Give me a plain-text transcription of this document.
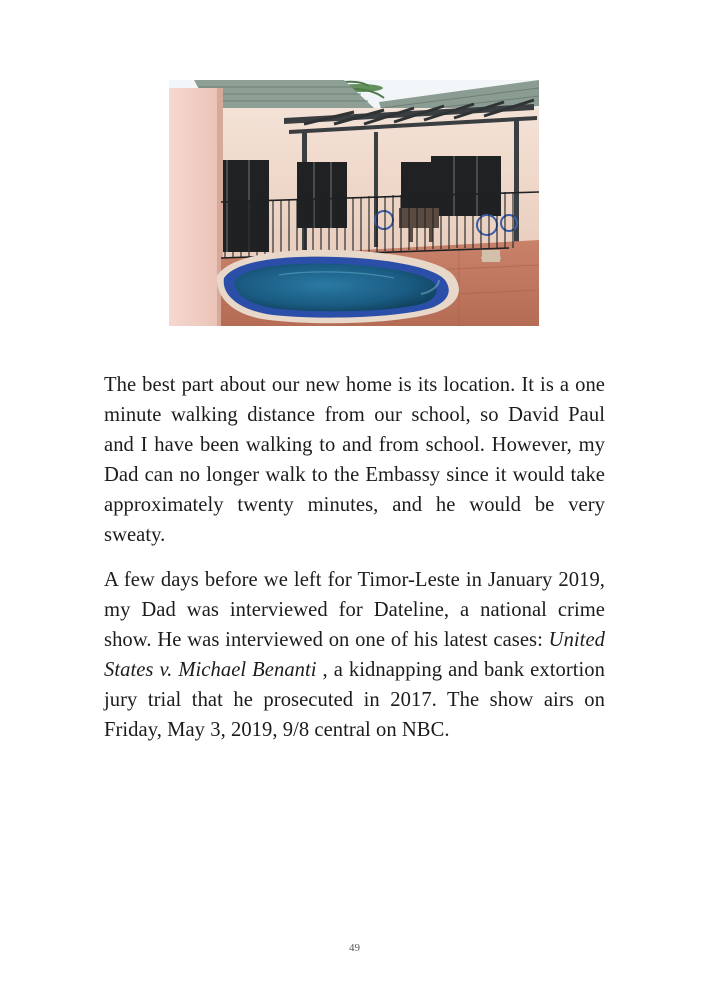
The best part about our new home is its location. It is a one minute walking distance from our school, so David Paul and I have been walking to and from school. However, my Dad can no longer walk to the Embassy since it would take approximately twenty minutes, and he would be very sweaty.

A few days before we left for Timor-Leste in January 2019, my Dad was interviewed for Dateline, a national crime show. He was interviewed on one of his latest cases: United States v. Michael Benanti , a kidnapping and bank extortion jury trial that he prosecuted in 2017. The show airs on Friday, May 3, 2019, 9/8 central on NBC.

49
